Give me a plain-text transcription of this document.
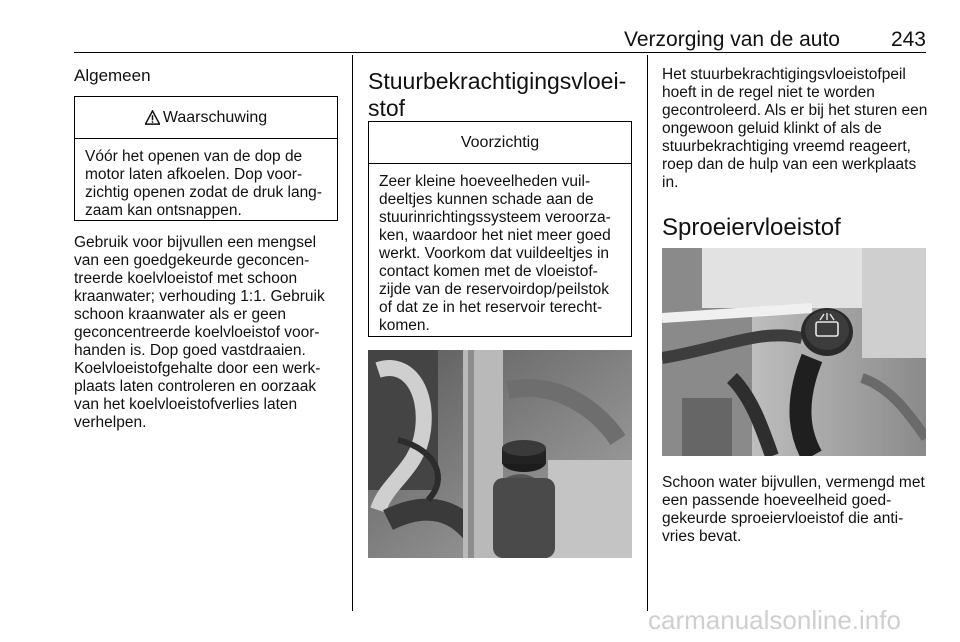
Verzorging van de auto	243
Algemeen
Waarschuwing
Vóór het openen van de dop de motor laten afkoelen. Dop voorzichtig openen zodat de druk langzaam kan ontsnappen.

Gebruik voor bijvullen een mengsel van een goedgekeurde geconcentreerde koelvloeistof met schoon kraanwater; verhouding 1:1. Gebruik schoon kraanwater als er geen geconcentreerde koelvloeistof voorhanden is. Dop goed vastdraaien. Koelvloeistofgehalte door een werkplaats laten controleren en oorzaak van het koelvloeistofverlies laten verhelpen.

Stuurbekrachtigingsvloei-
stof
Voorzichtig
Zeer kleine hoeveelheden vuildeeltjes kunnen schade aan de stuurinrichtingssysteem veroorzaken, waardoor het niet meer goed werkt. Voorkom dat vuildeeltjes in contact komen met de vloeistofzijde van de reservoirdop/peilstok of dat ze in het reservoir terechtkomen.

Het stuurbekrachtigingsvloeistofpeil hoeft in de regel niet te worden gecontroleerd. Als er bij het sturen een ongewoon geluid klinkt of als de stuurbekrachtiging vreemd reageert, roep dan de hulp van een werkplaats in.

Sproeiervloeistof

Schoon water bijvullen, vermengd met een passende hoeveelheid goedgekeurde sproeiervloeistof die antivries bevat.

carmanualsonline.info
